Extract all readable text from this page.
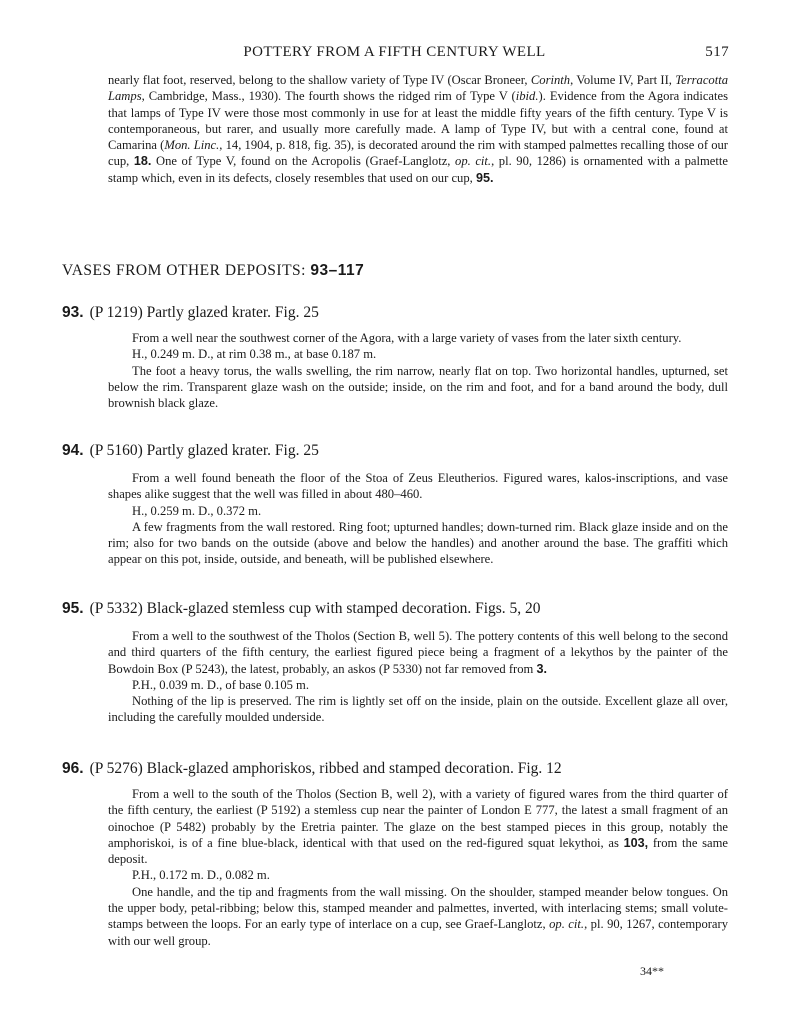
POTTERY FROM A FIFTH CENTURY WELL	517

nearly flat foot, reserved, belong to the shallow variety of Type IV (Oscar Broneer, Corinth, Volume IV, Part II, Terracotta Lamps, Cambridge, Mass., 1930). The fourth shows the ridged rim of Type V (ibid.). Evidence from the Agora indicates that lamps of Type IV were those most commonly in use for at least the middle fifty years of the fifth century. Type V is contemporaneous, but rarer, and usually more carefully made. A lamp of Type IV, but with a central cone, found at Camarina (Mon. Linc., 14, 1904, p. 818, fig. 35), is decorated around the rim with stamped palmettes recalling those of our cup, 18. One of Type V, found on the Acropolis (Graef-Langlotz, op. cit., pl. 90, 1286) is ornamented with a palmette stamp which, even in its defects, closely resembles that used on our cup, 95.

VASES FROM OTHER DEPOSITS: 93–117
93. (P 1219) Partly glazed krater. Fig. 25

From a well near the southwest corner of the Agora, with a large variety of vases from the later sixth century.

H., 0.249 m. D., at rim 0.38 m., at base 0.187 m.

The foot a heavy torus, the walls swelling, the rim narrow, nearly flat on top. Two horizontal handles, upturned, set below the rim. Transparent glaze wash on the outside; inside, on the rim and foot, and for a band around the body, dull brownish black glaze.

94. (P 5160) Partly glazed krater. Fig. 25

From a well found beneath the floor of the Stoa of Zeus Eleutherios. Figured wares, kalos-inscriptions, and vase shapes alike suggest that the well was filled in about 480–460.

H., 0.259 m. D., 0.372 m.

A few fragments from the wall restored. Ring foot; upturned handles; down-turned rim. Black glaze inside and on the rim; also for two bands on the outside (above and below the handles) and another around the base. The graffiti which appear on this pot, inside, outside, and beneath, will be published elsewhere.

95. (P 5332) Black-glazed stemless cup with stamped decoration. Figs. 5, 20

From a well to the southwest of the Tholos (Section B, well 5). The pottery contents of this well belong to the second and third quarters of the fifth century, the earliest figured piece being a fragment of a lekythos by the painter of the Bowdoin Box (P 5243), the latest, probably, an askos (P 5330) not far removed from 3.

P.H., 0.039 m. D., of base 0.105 m.

Nothing of the lip is preserved. The rim is lightly set off on the inside, plain on the outside. Excellent glaze all over, including the carefully moulded underside.

96. (P 5276) Black-glazed amphoriskos, ribbed and stamped decoration. Fig. 12

From a well to the south of the Tholos (Section B, well 2), with a variety of figured wares from the third quarter of the fifth century, the earliest (P 5192) a stemless cup near the painter of London E 777, the latest a small fragment of an oinochoe (P 5482) probably by the Eretria painter. The glaze on the best stamped pieces in this group, notably the amphoriskoi, is of a fine blue-black, identical with that used on the red-figured squat lekythoi, as 103, from the same deposit.

P.H., 0.172 m. D., 0.082 m.

One handle, and the tip and fragments from the wall missing. On the shoulder, stamped meander below tongues. On the upper body, petal-ribbing; below this, stamped meander and palmettes, inverted, with interlacing stems; small volute-stamps between the loops. For an early type of interlace on a cup, see Graef-Langlotz, op. cit., pl. 90, 1267, contemporary with our well group.

34**
